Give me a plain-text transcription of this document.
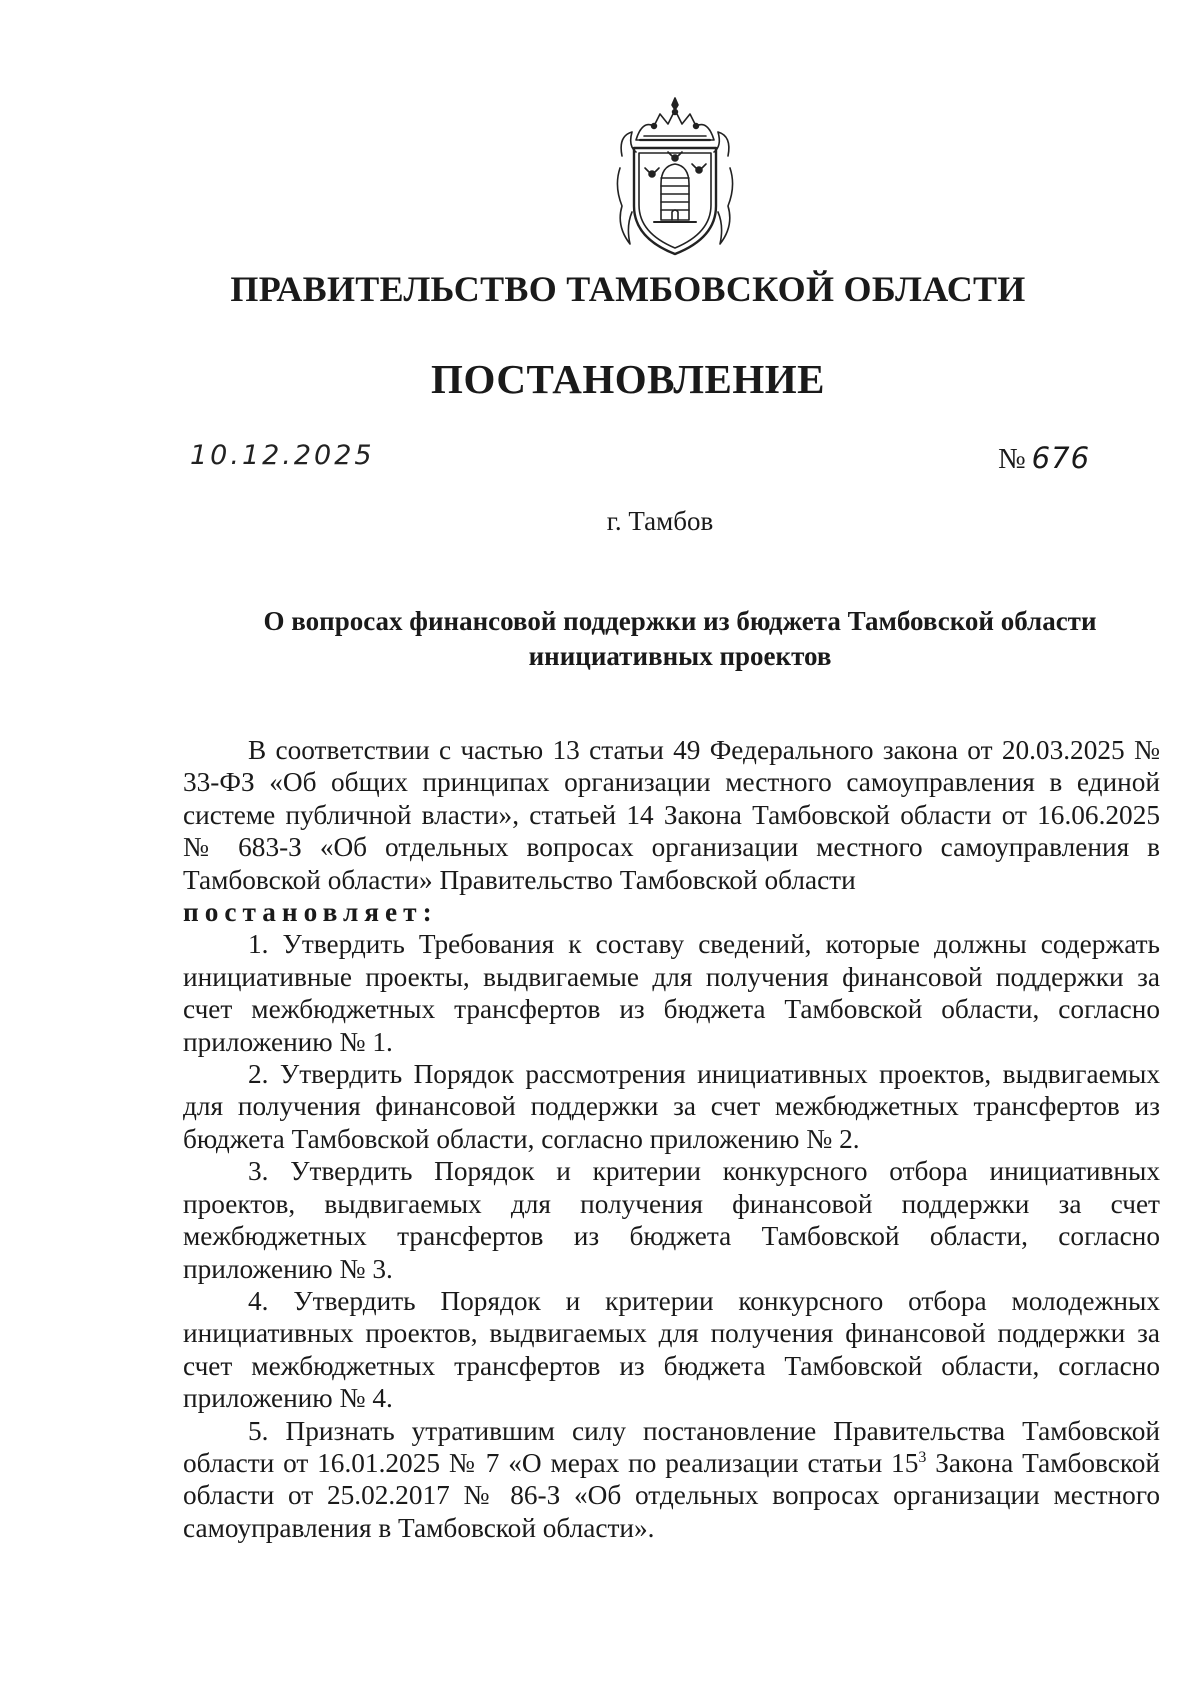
ПРАВИТЕЛЬСТВО ТАМБОВСКОЙ ОБЛАСТИ
ПОСТАНОВЛЕНИЕ
10.12.2025	№ 676
г. Тамбов
О вопросах финансовой поддержки из бюджета Тамбовской области
инициативных проектов

В соответствии с частью 13 статьи 49 Федерального закона от 20.03.2025 № 33-ФЗ «Об общих принципах организации местного самоуправления в единой системе публичной власти», статьей 14 Закона Тамбовской области от 16.06.2025 № 683-З «Об отдельных вопросах организации местного самоуправления в Тамбовской области» Правительство Тамбовской области

постановляет:

1. Утвердить Требования к составу сведений, которые должны содержать инициативные проекты, выдвигаемые для получения финансовой поддержки за счет межбюджетных трансфертов из бюджета Тамбовской области, согласно приложению № 1.

2. Утвердить Порядок рассмотрения инициативных проектов, выдвигаемых для получения финансовой поддержки за счет межбюджетных трансфертов из бюджета Тамбовской области, согласно приложению № 2.

3. Утвердить Порядок и критерии конкурсного отбора инициативных проектов, выдвигаемых для получения финансовой поддержки за счет межбюджетных трансфертов из бюджета Тамбовской области, согласно приложению № 3.

4. Утвердить Порядок и критерии конкурсного отбора молодежных инициативных проектов, выдвигаемых для получения финансовой поддержки за счет межбюджетных трансфертов из бюджета Тамбовской области, согласно приложению № 4.

5. Признать утратившим силу постановление Правительства Тамбовской области от 16.01.2025 № 7 «О мерах по реализации статьи $15^3$ Закона Тамбовской области от 25.02.2017 № 86-З «Об отдельных вопросах организации местного самоуправления в Тамбовской области».
